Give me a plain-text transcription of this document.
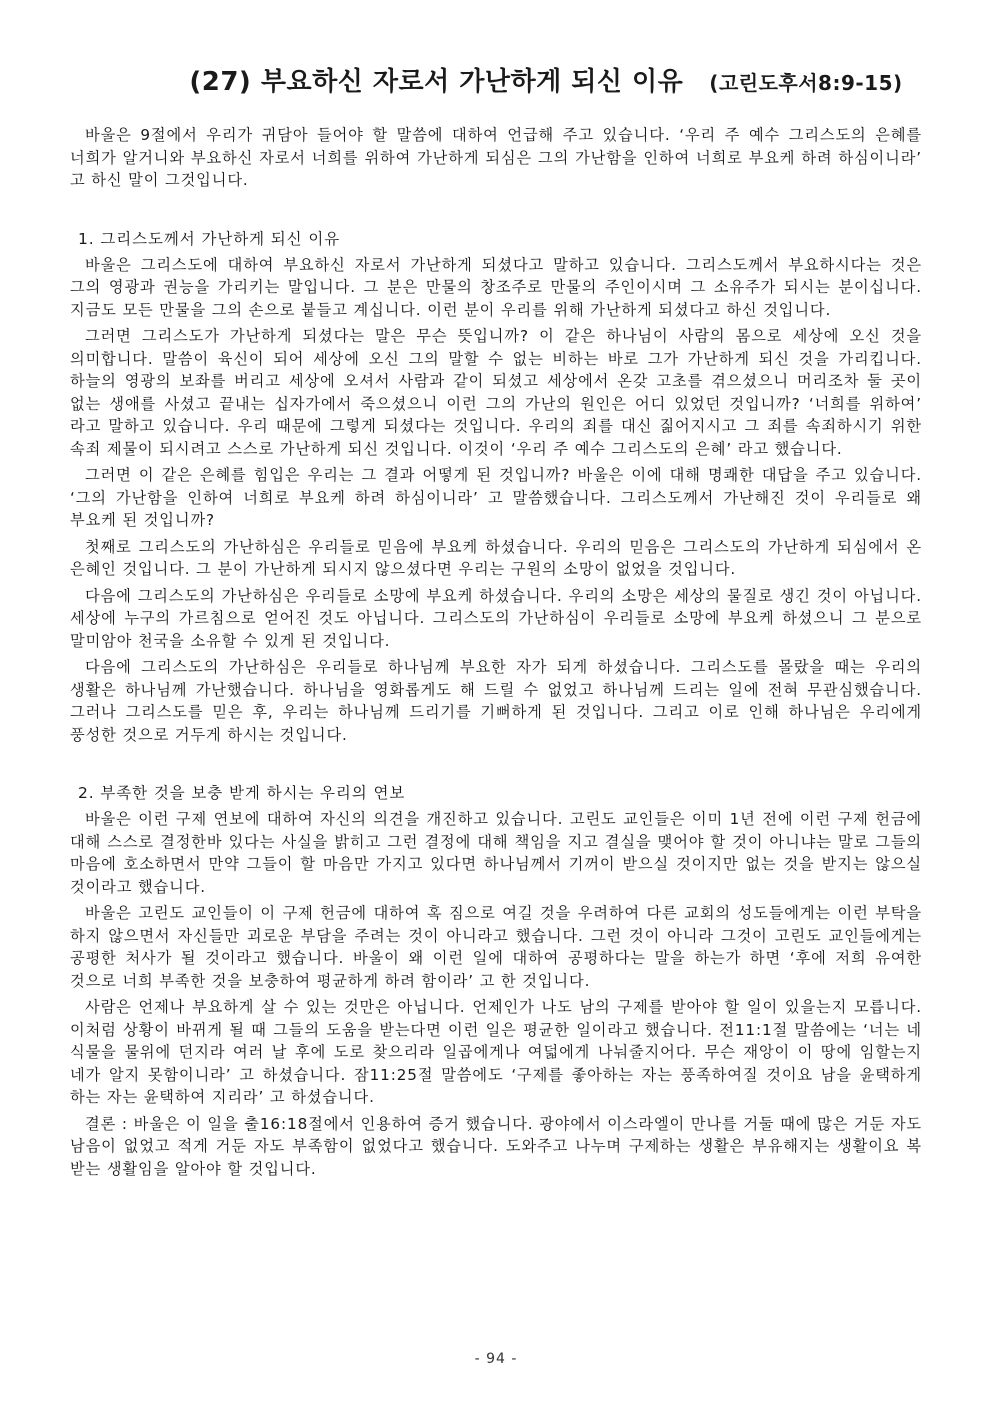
(27) 부요하신 자로서 가난하게 되신 이유 (고린도후서8:9-15)

바울은 9절에서 우리가 귀담아 들어야 할 말씀에 대하여 언급해 주고 있습니다. ‘우리 주 예수 그리스도의 은혜를 너희가 알거니와 부요하신 자로서 너희를 위하여 가난하게 되심은 그의 가난함을 인하여 너희로 부요케 하려 하심이니라’ 고 하신 말이 그것입니다.

1. 그리스도께서 가난하게 되신 이유

바울은 그리스도에 대하여 부요하신 자로서 가난하게 되셨다고 말하고 있습니다. 그리스도께서 부요하시다는 것은 그의 영광과 권능을 가리키는 말입니다. 그 분은 만물의 창조주로 만물의 주인이시며 그 소유주가 되시는 분이십니다. 지금도 모든 만물을 그의 손으로 붙들고 계십니다. 이런 분이 우리를 위해 가난하게 되셨다고 하신 것입니다.

그러면 그리스도가 가난하게 되셨다는 말은 무슨 뜻입니까? 이 같은 하나님이 사람의 몸으로 세상에 오신 것을 의미합니다. 말씀이 육신이 되어 세상에 오신 그의 말할 수 없는 비하는 바로 그가 가난하게 되신 것을 가리킵니다. 하늘의 영광의 보좌를 버리고 세상에 오셔서 사람과 같이 되셨고 세상에서 온갖 고초를 겪으셨으니 머리조차 둘 곳이 없는 생애를 사셨고 끝내는 십자가에서 죽으셨으니 이런 그의 가난의 원인은 어디 있었던 것입니까? ‘너희를 위하여’ 라고 말하고 있습니다. 우리 때문에 그렇게 되셨다는 것입니다. 우리의 죄를 대신 짊어지시고 그 죄를 속죄하시기 위한 속죄 제물이 되시려고 스스로 가난하게 되신 것입니다. 이것이 ‘우리 주 예수 그리스도의 은혜’ 라고 했습니다.

그러면 이 같은 은혜를 힘입은 우리는 그 결과 어떻게 된 것입니까? 바울은 이에 대해 명쾌한 대답을 주고 있습니다. ‘그의 가난함을 인하여 너희로 부요케 하려 하심이니라’ 고 말씀했습니다. 그리스도께서 가난해진 것이 우리들로 왜 부요케 된 것입니까?

첫째로 그리스도의 가난하심은 우리들로 믿음에 부요케 하셨습니다. 우리의 믿음은 그리스도의 가난하게 되심에서 온 은혜인 것입니다. 그 분이 가난하게 되시지 않으셨다면 우리는 구원의 소망이 없었을 것입니다.

다음에 그리스도의 가난하심은 우리들로 소망에 부요케 하셨습니다. 우리의 소망은 세상의 물질로 생긴 것이 아닙니다. 세상에 누구의 가르침으로 얻어진 것도 아닙니다. 그리스도의 가난하심이 우리들로 소망에 부요케 하셨으니 그 분으로 말미암아 천국을 소유할 수 있게 된 것입니다.

다음에 그리스도의 가난하심은 우리들로 하나님께 부요한 자가 되게 하셨습니다. 그리스도를 몰랐을 때는 우리의 생활은 하나님께 가난했습니다. 하나님을 영화롭게도 해 드릴 수 없었고 하나님께 드리는 일에 전혀 무관심했습니다. 그러나 그리스도를 믿은 후, 우리는 하나님께 드리기를 기뻐하게 된 것입니다. 그리고 이로 인해 하나님은 우리에게 풍성한 것으로 거두게 하시는 것입니다.

2. 부족한 것을 보충 받게 하시는 우리의 연보

바울은 이런 구제 연보에 대하여 자신의 의견을 개진하고 있습니다. 고린도 교인들은 이미 1년 전에 이런 구제 헌금에 대해 스스로 결정한바 있다는 사실을 밝히고 그런 결정에 대해 책임을 지고 결실을 맺어야 할 것이 아니냐는 말로 그들의 마음에 호소하면서 만약 그들이 할 마음만 가지고 있다면 하나님께서 기꺼이 받으실 것이지만 없는 것을 받지는 않으실 것이라고 했습니다.

바울은 고린도 교인들이 이 구제 헌금에 대하여 혹 짐으로 여길 것을 우려하여 다른 교회의 성도들에게는 이런 부탁을 하지 않으면서 자신들만 괴로운 부담을 주려는 것이 아니라고 했습니다. 그런 것이 아니라 그것이 고린도 교인들에게는 공평한 처사가 될 것이라고 했습니다. 바울이 왜 이런 일에 대하여 공평하다는 말을 하는가 하면 ‘후에 저희 유여한 것으로 너희 부족한 것을 보충하여 평균하게 하려 함이라’ 고 한 것입니다.

사람은 언제나 부요하게 살 수 있는 것만은 아닙니다. 언제인가 나도 남의 구제를 받아야 할 일이 있을는지 모릅니다. 이처럼 상황이 바뀌게 될 때 그들의 도움을 받는다면 이런 일은 평균한 일이라고 했습니다. 전11:1절 말씀에는 ‘너는 네 식물을 물위에 던지라 여러 날 후에 도로 찾으리라 일곱에게나 여덟에게 나눠줄지어다. 무슨 재앙이 이 땅에 임할는지 네가 알지 못함이니라’ 고 하셨습니다. 잠11:25절 말씀에도 ‘구제를 좋아하는 자는 풍족하여질 것이요 남을 윤택하게 하는 자는 윤택하여 지리라’ 고 하셨습니다.

결론 : 바울은 이 일을 출16:18절에서 인용하여 증거 했습니다. 광야에서 이스라엘이 만나를 거둘 때에 많은 거둔 자도 남음이 없었고 적게 거둔 자도 부족함이 없었다고 했습니다. 도와주고 나누며 구제하는 생활은 부유해지는 생활이요 복 받는 생활임을 알아야 할 것입니다.

- 94 -
